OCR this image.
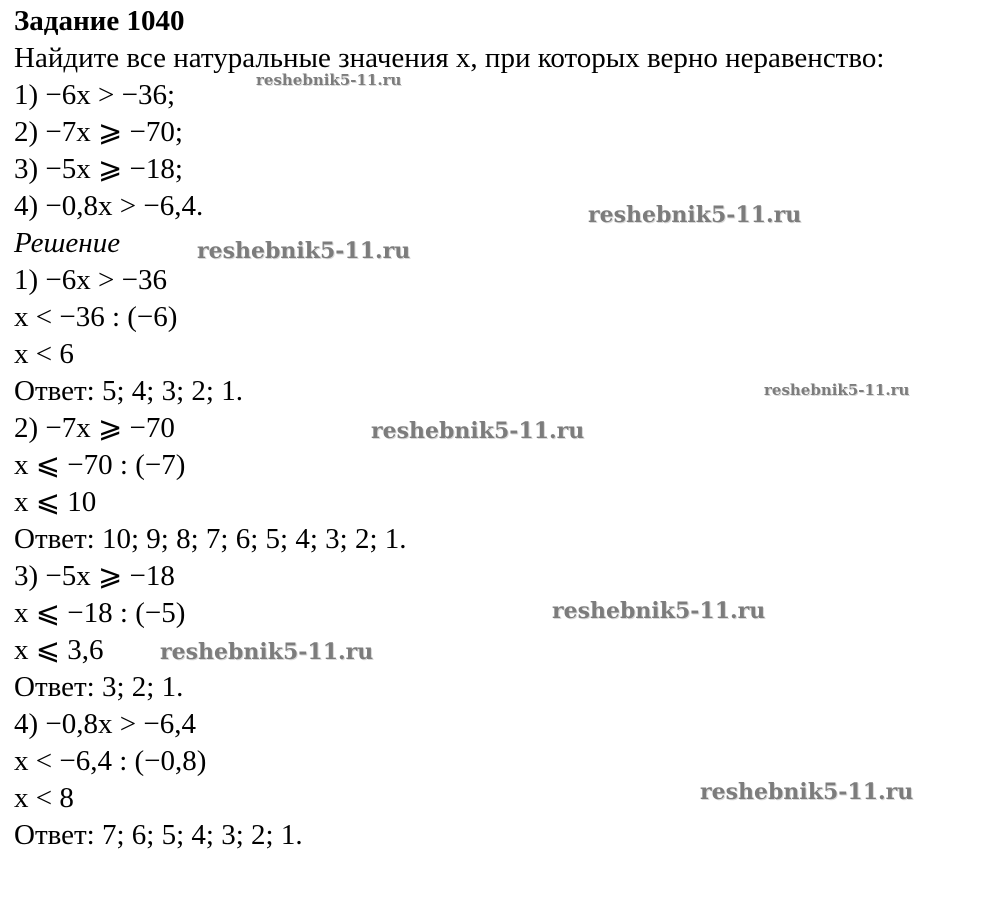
Задание 1040
Найдите все натуральные значения x, при которых верно неравенство:
1) −6x > −36;
2) −7x ⩾ −70;
3) −5x ⩾ −18;
4) −0,8x > −6,4.
Решение
1) −6x > −36
x < −36 : (−6)
x < 6
Ответ: 5; 4; 3; 2; 1.
2) −7x ⩾ −70
x ⩽ −70 : (−7)
x ⩽ 10
Ответ: 10; 9; 8; 7; 6; 5; 4; 3; 2; 1.
3) −5x ⩾ −18
x ⩽ −18 : (−5)
x ⩽ 3,6
Ответ: 3; 2; 1.
4) −0,8x > −6,4
x < −6,4 : (−0,8)
x < 8
Ответ: 7; 6; 5; 4; 3; 2; 1.
reshebnik5-11.ru
reshebnik5-11.ru
reshebnik5-11.ru
reshebnik5-11.ru
reshebnik5-11.ru
reshebnik5-11.ru
reshebnik5-11.ru
reshebnik5-11.ru
